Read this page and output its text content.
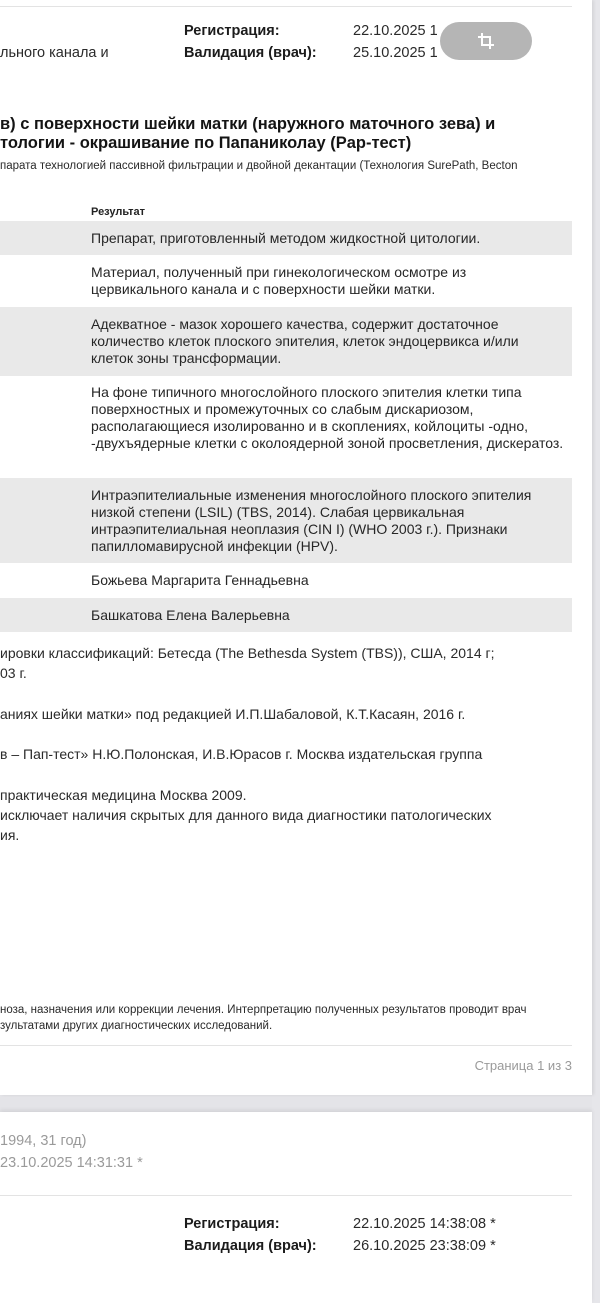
льного канала и
Регистрация:	22.10.2025 1
Валидация (врач):	25.10.2025 1
в) с поверхности шейки матки (наружного маточного зева) и
тологии - окрашивание по Папаниколау (Pap-тест)
парата технологией пассивной фильтрации и двойной декантации (Технология SurePath, Becton
Результат
Препарат, приготовленный методом жидкостной цитологии.
Материал, полученный при гинекологическом осмотре из цервикального канала и с поверхности шейки матки.
Адекватное - мазок хорошего качества, содержит достаточное количество клеток плоского эпителия, клеток эндоцервикса и/или клеток зоны трансформации.
На фоне типичного многослойного плоского эпителия клетки типа поверхностных и промежуточных со слабым дискариозом, располагающиеся изолированно и в скоплениях, койлоциты -одно, -двухъядерные клетки с околоядерной зоной просветления, дискератоз.
Интраэпителиальные изменения многослойного плоского эпителия низкой степени (LSIL) (TBS, 2014). Слабая цервикальная интраэпителиальная неоплазия (CIN I) (WHO 2003 г.). Признаки папилломавирусной инфекции (HPV).
Божьева Маргарита Геннадьевна
Башкатова Елена Валерьевна
ировки классификаций: Бетесда (The Bethesda System (TBS)), США, 2014 г;
03 г.
аниях шейки матки» под редакцией И.П.Шабаловой, К.Т.Касаян, 2016 г.
в – Пап-тест» Н.Ю.Полонская, И.В.Юрасов г. Москва издательская группа
практическая медицина Москва 2009.
исключает наличия скрытых для данного вида диагностики патологических
ия.
ноза, назначения или коррекции лечения. Интерпретацию полученных результатов проводит врач
зультатами других диагностических исследований.
Страница 1 из 3
1994, 31 год)
23.10.2025 14:31:31 *
Регистрация:	22.10.2025 14:38:08 *
Валидация (врач):	26.10.2025 23:38:09 *
